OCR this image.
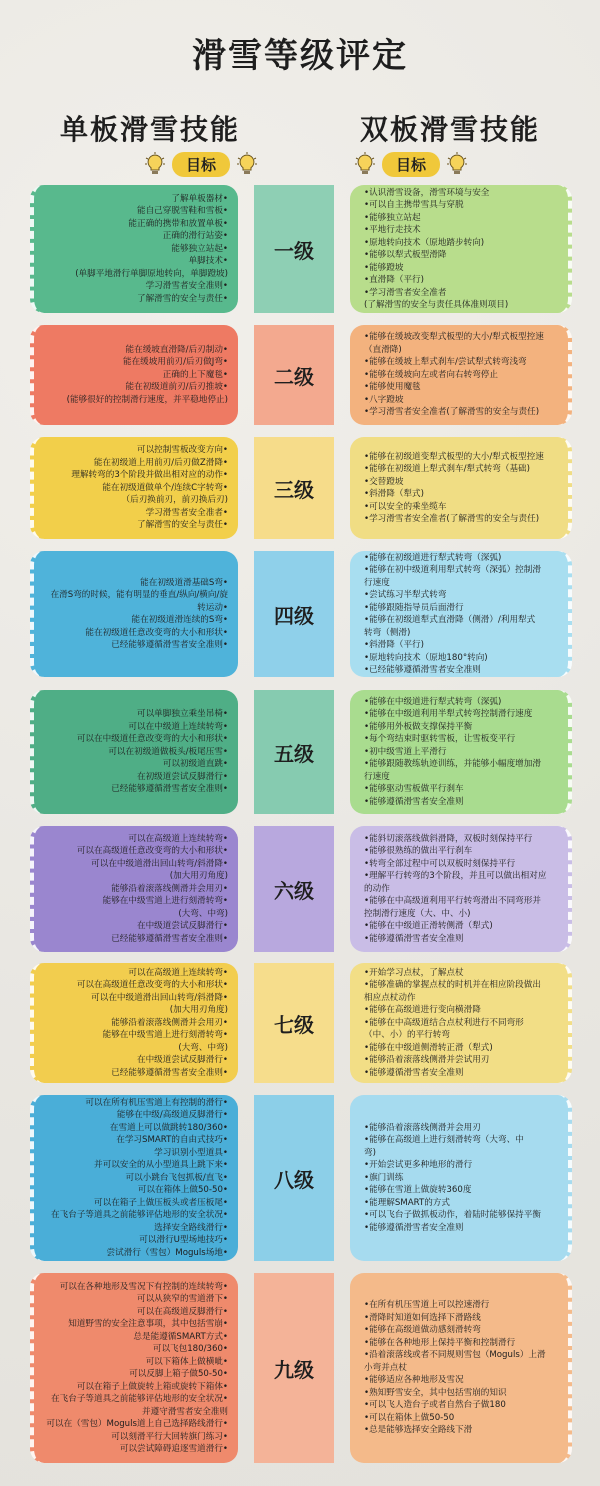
滑雪等级评定
单板滑雪技能	双板滑雪技能
目标	目标
了解单板器材•
能自己穿脱雪鞋和雪板•
能正确的携带和放置单板•
正确的滑行站姿•
能够独立站起•
单脚技术•
(单脚平地滑行单脚原地转向，单脚蹬坡)
学习滑雪者安全准则•
了解滑雪的安全与责任•
一级
•认识滑雪设备，滑雪环境与安全
•可以自主携带雪具与穿脱
•能够独立站起
•平地行走技术
•原地转向技术（原地踏步转向)
•能够以犁式板型滑降
•能够蹬坡
•直滑降（平行)
•学习滑雪者安全准者
(了解滑雪的安全与责任具体准则项目)
能在缓坡直滑降/后刃制动•
能在缓坡用前刃/后刃做J弯•
正确的上下魔毯•
能在初级道前刃/后刃推坡•
(能够很好的控制滑行速度，并平稳地停止)
二级
•能够在缓坡改变犁式板型的大小/犁式板型控速
（直滑降)
•能够在缓坡上犁式刹车/尝试犁式转弯浅弯
•能够在缓坡向左或者向右转弯停止
•能够使用魔毯
•八字蹬坡
•学习滑雪者安全准者(了解滑雪的安全与责任)
可以控制雪板改变方向•
能在初级道上用前刃/后刃做Z滑降•
理解转弯的3个阶段并做出相对应的动作•
能在初级道做单个/连续C字转弯•
（后刃换前刃，前刃换后刃)
学习滑雪者安全准者•
了解滑雪的安全与责任•
三级
•能够在初级道变犁式板型的大小/犁式板型控速
•能够在初级道上犁式刹车/犁式转弯（基础)
•交替蹬坡
•斜滑降（犁式)
•可以安全的乘坐缆车
•学习滑雪者安全准者(了解滑雪的安全与责任)
能在初级道滑基础S弯•
在滑S弯的时候，能有明显的垂直/纵向/横向/旋
转运动•
能在初级道滑连续的S弯•
能在初级道任意改变弯的大小和形状•
已经能够遵循滑雪者安全准则•
四级
•能够在初级道进行犁式转弯（深弧)
•能够在初中级道利用犁式转弯（深弧）控制滑
行速度
•尝试练习半犁式转弯
•能够跟随指导员后面滑行
•能够在初级道犁式直滑降（侧滑）/利用犁式
转弯（侧滑)
•斜滑降（平行)
•原地转向技术（原地180°转向)
•已经能够遵循滑雪者安全准则
可以单脚独立乘坐吊椅•
可以在中级道上连续转弯•
可以在中级道任意改变弯的大小和形状•
可以在初级道做板头/板尾压雪•
可以初级道直跳•
在初级道尝试反脚滑行•
已经能够遵循滑雪者安全准则•
五级
•能够在中级道进行犁式转弯（深弧)
•能够在中级道利用半犁式转弯控制滑行速度
•能够用外板做支撑保持平衡
•每个弯结束时驱转雪板，让雪板变平行
•初中级雪道上平滑行
•能够跟随教练轨迹训练，并能够小幅度增加滑
行速度
•能够驱动雪板做平行刹车
•能够遵循滑雪者安全准则
可以在高级道上连续转弯•
可以在高级道任意改变弯的大小和形状•
可以在中级道滑出回山转弯/斜滑降•
(加大用刃角度)
能够沿着滚落线侧滑并会用刃•
能够在中级雪道上进行刻滑转弯•
(大弯、中弯)
在中级道尝试反脚滑行•
已经能够遵循滑雪者安全准则•
六级
•能斜切滚落线做斜滑降，双板时刻保持平行
•能够很熟练的做出平行刹车
•转弯全部过程中可以双板时刻保持平行
•理解平行转弯的3个阶段，并且可以做出相对应
的动作
•能够在中高级道利用平行转弯滑出不同弯形并
控制滑行速度（大、中、小)
•能够在中级道正滑转侧滑（犁式)
•能够遵循滑雪者安全准则
可以在高级道上连续转弯•
可以在高级道任意改变弯的大小和形状•
可以在中级道滑出回山转弯/斜滑降•
(加大用刃角度)
能够沿着滚落线侧滑并会用刃•
能够在中级雪道上进行刻滑转弯•
(大弯、中弯)
在中级道尝试反脚滑行•
已经能够遵循滑雪者安全准则•
七级
•开始学习点杖，了解点杖
•能够准确的掌握点杖的时机并在相应阶段做出
相应点杖动作
•能够在高级道进行变向横滑降
•能够在中高级道结合点杖利进行不同弯形
（中、小）的平行转弯
•能够在中级道侧滑转正滑（犁式)
•能够沿着滚落线侧滑并尝试用刃
•能够遵循滑雪者安全准则
可以在所有机压雪道上有控制的滑行•
能够在中级/高级道反脚滑行•
在雪道上可以做跳转180/360•
在学习SMART的自由式技巧•
学习识别小型道具•
并可以安全的从小型道具上跳下来•
可以小跳台飞包抓板/直飞•
可以在箱体上做50-50•
可以在箱子上做压板头或者压板尾•
在飞台子等道具之前能够评估地形的安全状况•
选择安全路线滑行•
可以滑行U型场地技巧•
尝试滑行（雪包）Moguls场地•
八级
•能够沿着滚落线侧滑并会用刃
•能够在高级道上进行刻滑转弯（大弯、中
弯)
•开始尝试更多种地形的滑行
•旗门训练
•能够在雪道上做旋转360度
•能理解SMART的方式
•可以飞台子做抓板动作，着陆时能够保持平衡
•能够遵循滑雪者安全准则
可以在各种地形及雪况下有控制的连续转弯•
可以从狭窄的雪道滑下•
可以在高级道反脚滑行•
知道野雪的安全注意事项，其中包括雪崩•
总是能遵循SMART方式•
可以飞包180/360•
可以下箱体上做横呲•
可以反脚上箱子做50-50•
可以在箱子上做旋转上箱或旋转下箱体•
在飞台子等道具之前能够评估地形的安全状况•
并遵守滑雪者安全准则
可以在（雪包）Moguls道上自己选择路线滑行•
可以刻滑平行大回转旗门练习•
可以尝试障碍追逐雪道滑行•
九级
•在所有机压雪道上可以控速滑行
•滑降时知道如何选择下滑路线
•能够在高级道做动感刻滑转弯
•能够在各种地形上保持平衡和控制滑行
•沿着滚落线或者不同规则雪包（Moguls）上滑
小弯并点杖
•能够适应各种地形及雪况
•熟知野雪安全，其中包括雪崩的知识
•可以飞人造台子或者自然台子做180
•可以在箱体上做50-50
•总是能够选择安全路线下滑
